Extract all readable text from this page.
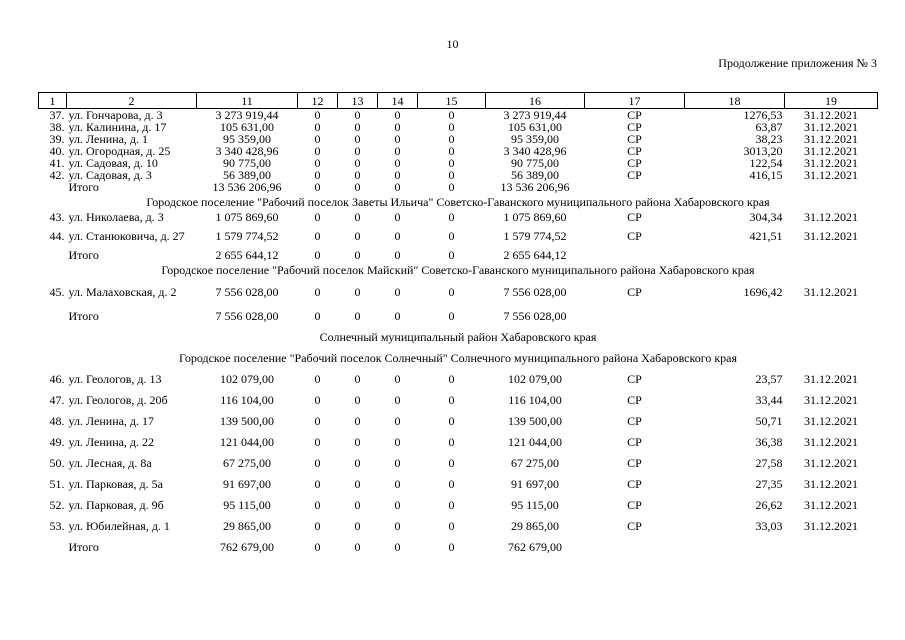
10
Продолжение приложения № 3
1	2	11	12	13	14	15	16	17	18	19
37.	ул. Гончарова, д. 3	3 273 919,44	0	0	0	0	3 273 919,44	СР	1276,53	31.12.2021
38.	ул. Калинина, д. 17	105 631,00	0	0	0	0	105 631,00	СР	63,87	31.12.2021
39.	ул. Ленина, д. 1	95 359,00	0	0	0	0	95 359,00	СР	38,23	31.12.2021
40.	ул. Огородная, д. 25	3 340 428,96	0	0	0	0	3 340 428,96	СР	3013,20	31.12.2021
41.	ул. Садовая, д. 10	90 775,00	0	0	0	0	90 775,00	СР	122,54	31.12.2021
42.	ул. Садовая, д. 3	56 389,00	0	0	0	0	56 389,00	СР	416,15	31.12.2021
	Итого	13 536 206,96	0	0	0	0	13 536 206,96			
Городское поселение "Рабочий поселок Заветы Ильича" Советско-Гаванского муниципального района Хабаровского края										
43.	ул. Николаева, д. 3	1 075 869,60	0	0	0	0	1 075 869,60	СР	304,34	31.12.2021
44.	ул. Станюковича, д. 27	1 579 774,52	0	0	0	0	1 579 774,52	СР	421,51	31.12.2021
	Итого	2 655 644,12	0	0	0	0	2 655 644,12			
Городское поселение "Рабочий поселок Майский" Советско-Гаванского муниципального района Хабаровского края										
45.	ул. Малаховская, д. 2	7 556 028,00	0	0	0	0	7 556 028,00	СР	1696,42	31.12.2021
	Итого	7 556 028,00	0	0	0	0	7 556 028,00			
Солнечный муниципальный район Хабаровского края										
Городское поселение "Рабочий поселок Солнечный" Солнечного муниципального района Хабаровского края										
46.	ул. Геологов, д. 13	102 079,00	0	0	0	0	102 079,00	СР	23,57	31.12.2021
47.	ул. Геологов, д. 20б	116 104,00	0	0	0	0	116 104,00	СР	33,44	31.12.2021
48.	ул. Ленина, д. 17	139 500,00	0	0	0	0	139 500,00	СР	50,71	31.12.2021
49.	ул. Ленина, д. 22	121 044,00	0	0	0	0	121 044,00	СР	36,38	31.12.2021
50.	ул. Лесная, д. 8а	67 275,00	0	0	0	0	67 275,00	СР	27,58	31.12.2021
51.	ул. Парковая, д. 5а	91 697,00	0	0	0	0	91 697,00	СР	27,35	31.12.2021
52.	ул. Парковая, д. 9б	95 115,00	0	0	0	0	95 115,00	СР	26,62	31.12.2021
53.	ул. Юбилейная, д. 1	29 865,00	0	0	0	0	29 865,00	СР	33,03	31.12.2021
	Итого	762 679,00	0	0	0	0	762 679,00			
